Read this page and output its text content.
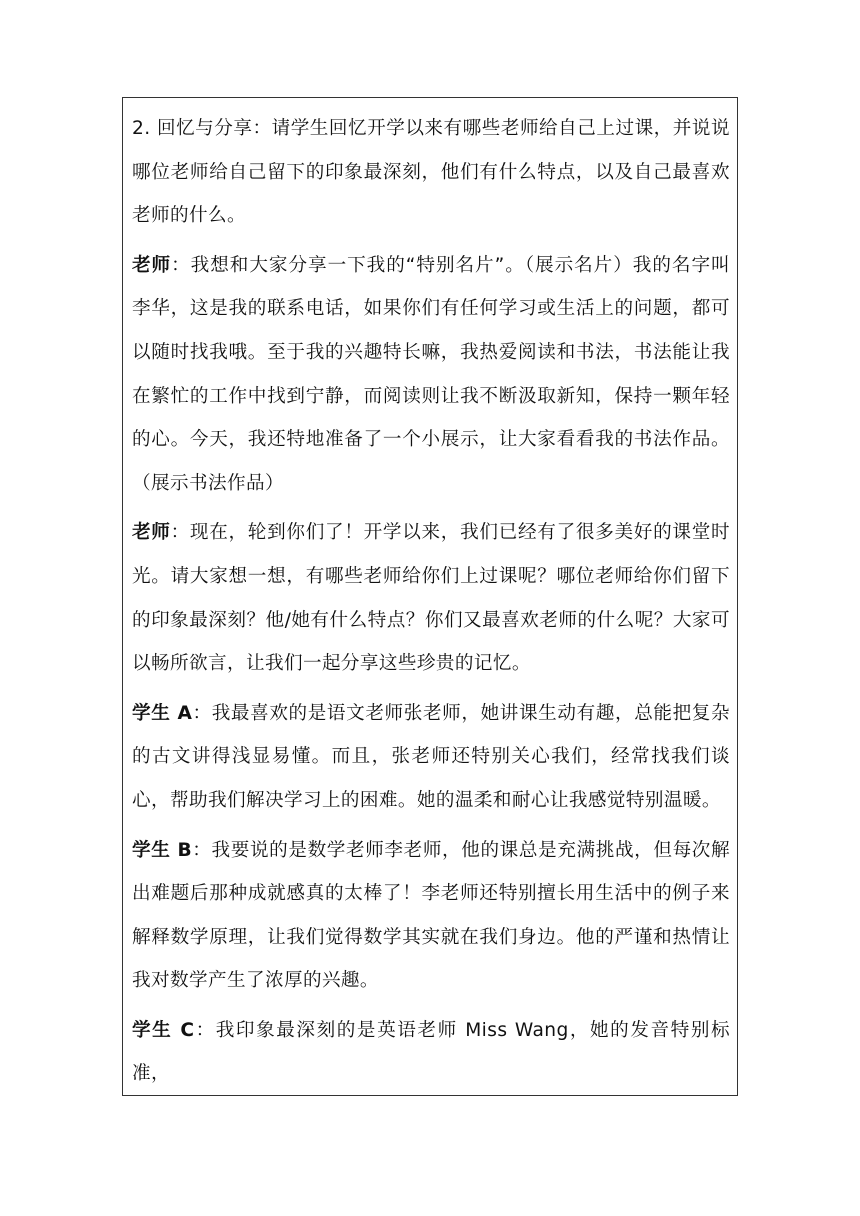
2. 回忆与分享：请学生回忆开学以来有哪些老师给自己上过课，并说说哪位老师给自己留下的印象最深刻，他们有什么特点，以及自己最喜欢老师的什么。

老师：我想和大家分享一下我的“特别名片”。（展示名片）我的名字叫李华，这是我的联系电话，如果你们有任何学习或生活上的问题，都可以随时找我哦。至于我的兴趣特长嘛，我热爱阅读和书法，书法能让我在繁忙的工作中找到宁静，而阅读则让我不断汲取新知，保持一颗年轻的心。今天，我还特地准备了一个小展示，让大家看看我的书法作品。（展示书法作品）

老师：现在，轮到你们了！开学以来，我们已经有了很多美好的课堂时光。请大家想一想，有哪些老师给你们上过课呢？哪位老师给你们留下的印象最深刻？他/她有什么特点？你们又最喜欢老师的什么呢？大家可以畅所欲言，让我们一起分享这些珍贵的记忆。

学生 A：我最喜欢的是语文老师张老师，她讲课生动有趣，总能把复杂的古文讲得浅显易懂。而且，张老师还特别关心我们，经常找我们谈心，帮助我们解决学习上的困难。她的温柔和耐心让我感觉特别温暖。

学生 B：我要说的是数学老师李老师，他的课总是充满挑战，但每次解出难题后那种成就感真的太棒了！李老师还特别擅长用生活中的例子来解释数学原理，让我们觉得数学其实就在我们身边。他的严谨和热情让我对数学产生了浓厚的兴趣。

学生 C：我印象最深刻的是英语老师 Miss Wang，她的发音特别标准，
